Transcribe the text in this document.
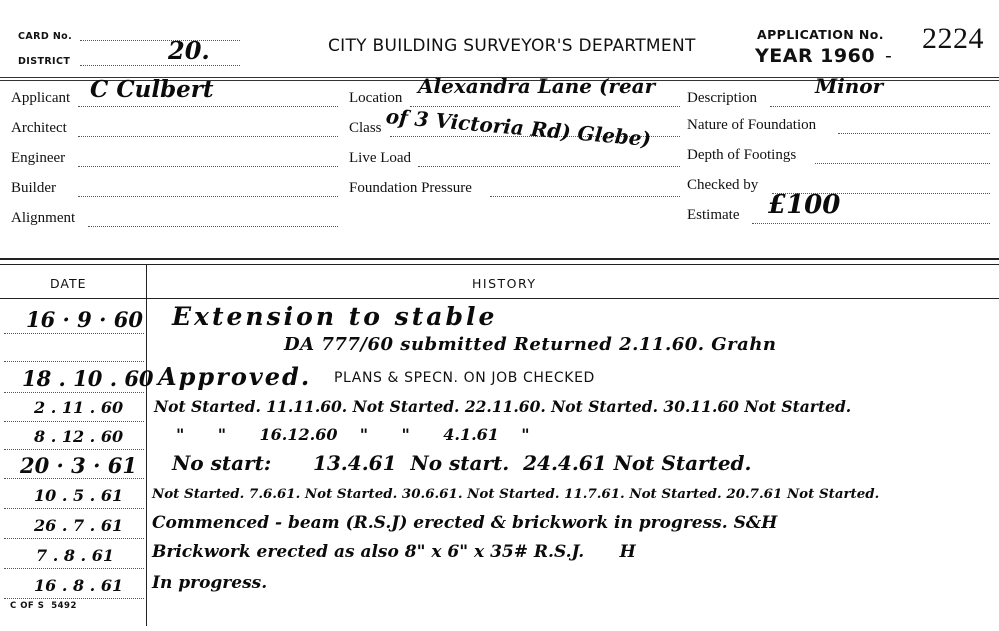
CARD No.
DISTRICT	20.	CITY BUILDING SURVEYOR'S DEPARTMENT
APPLICATION No.
YEAR 1960 -
2224
Applicant C Culbert
Architect
Engineer
Builder
Alignment
Location Alexandra Lane (rear
Class of 3 Victoria Rd) Glebe)
Live Load
Foundation Pressure
Description	Minor
Nature of Foundation
Depth of Footings
Checked by
Estimate £100
DATE	HISTORY
16 · 9 · 60 Extension to stable
DA 777/60 submitted Returned 2.11.60. Grahn
18 . 10 . 60 Approved. PLANS & SPECN. ON JOB CHECKED
2 . 11 . 60 Not Started. 11.11.60. Not Started. 22.11.60. Not Started. 30.11.60 Not Started.
8 . 12 . 60	"      "      16.12.60    "      "      4.1.61    "
20 · 3 · 61 No start:      13.4.61  No start.  24.4.61 Not Started.
10 . 5 . 61 Not Started. 7.6.61. Not Started. 30.6.61. Not Started. 11.7.61. Not Started. 20.7.61 Not Started.
26 . 7 . 61 Commenced - beam (R.S.J) erected & brickwork in progress. S&H
7 . 8 . 61 Brickwork erected as also 8" x 6" x 35# R.S.J.      H
16 . 8 . 61 In progress.
C OF S  5492
